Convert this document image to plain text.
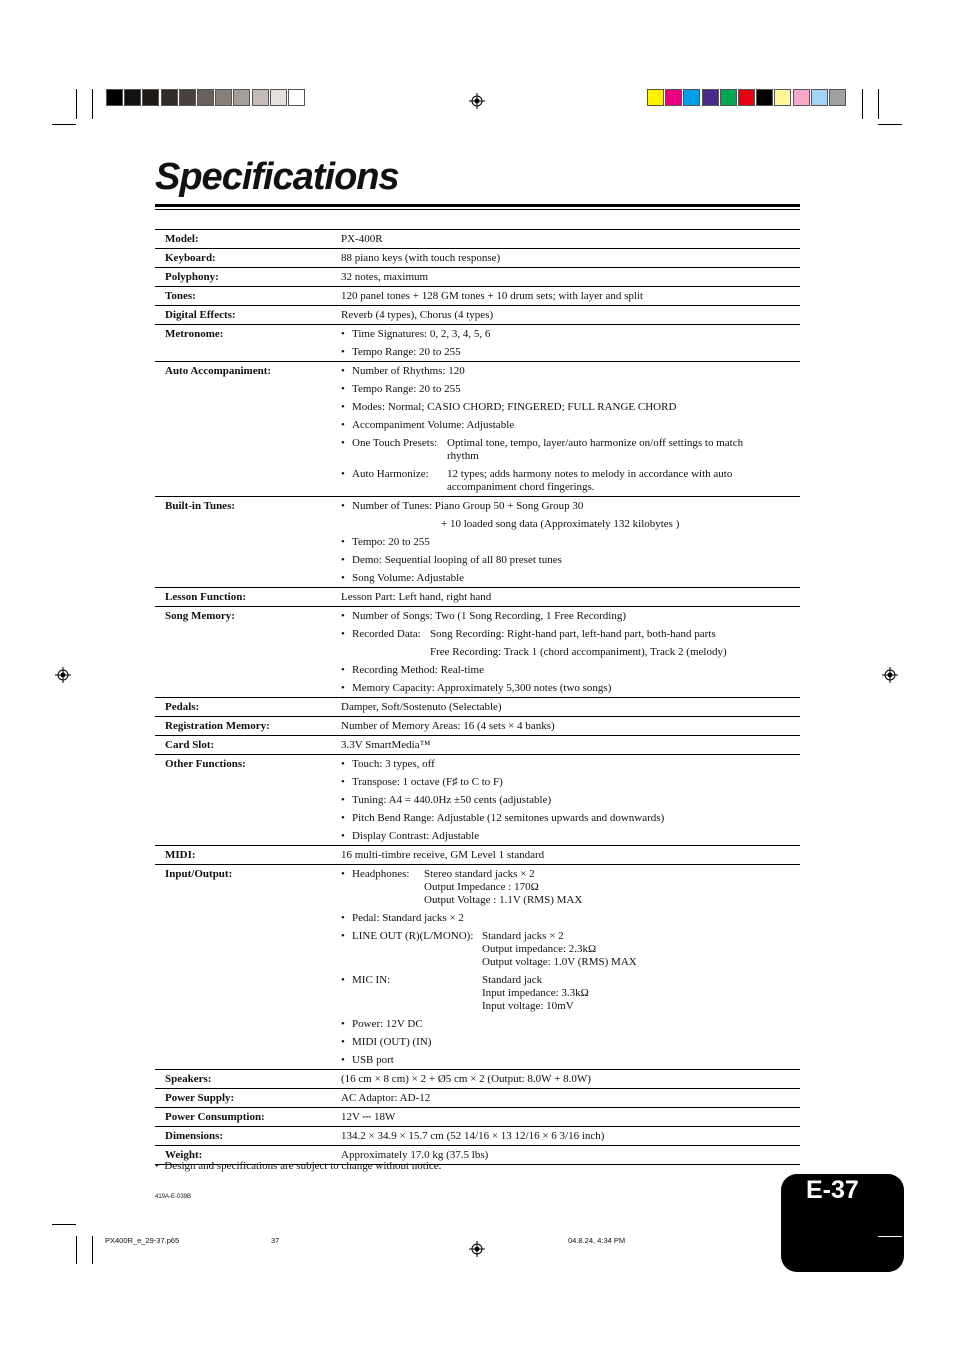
Specifications
Model:	PX-400R
Keyboard:	88 piano keys (with touch response)
Polyphony:	32 notes, maximum
Tones:	120 panel tones + 128 GM tones + 10 drum sets; with layer and split
Digital Effects:	Reverb (4 types), Chorus (4 types)
Metronome:	• Time Signatures: 0, 2, 3, 4, 5, 6
• Tempo Range: 20 to 255
Auto Accompaniment:	• Number of Rhythms: 120
• Tempo Range: 20 to 255
• Modes: Normal; CASIO CHORD; FINGERED; FULL RANGE CHORD
• Accompaniment Volume: Adjustable
• One Touch Presets: Optimal tone, tempo, layer/auto harmonize on/off settings to match
rhythm
• Auto Harmonize:	12 types; adds harmony notes to melody in accordance with auto
accompaniment chord fingerings.
Built-in Tunes:	• Number of Tunes: Piano Group 50 + Song Group 30
+ 10 loaded song data (Approximately 132 kilobytes )
• Tempo: 20 to 255
• Demo: Sequential looping of all 80 preset tunes
• Song Volume: Adjustable
Lesson Function:	Lesson Part: Left hand, right hand
Song Memory:	• Number of Songs: Two (1 Song Recording, 1 Free Recording)
• Recorded Data: Song Recording: Right-hand part, left-hand part, both-hand parts
Free Recording: Track 1 (chord accompaniment), Track 2 (melody)
• Recording Method: Real-time
• Memory Capacity: Approximately 5,300 notes (two songs)
Pedals:	Damper, Soft/Sostenuto (Selectable)
Registration Memory:	Number of Memory Areas: 16 (4 sets × 4 banks)
Card Slot:	3.3V SmartMedia™
Other Functions:	• Touch: 3 types, off
• Transpose: 1 octave (F♯ to C to F)
• Tuning: A4 = 440.0Hz ±50 cents (adjustable)
• Pitch Bend Range: Adjustable (12 semitones upwards and downwards)
• Display Contrast: Adjustable
MIDI:	16 multi-timbre receive, GM Level 1 standard
Input/Output:	• Headphones:	Stereo standard jacks × 2
Output Impedance : 170Ω
Output Voltage : 1.1V (RMS) MAX
• Pedal: Standard jacks × 2
• LINE OUT (R)(L/MONO): Standard jacks × 2
Output impedance: 2.3kΩ
Output voltage: 1.0V (RMS) MAX
• MIC IN:	Standard jack
Input impedance: 3.3kΩ
Input voltage: 10mV
• Power: 12V DC
• MIDI (OUT) (IN)
• USB port
Speakers:	(16 cm × 8 cm) × 2 + Ø5 cm × 2 (Output: 8.0W + 8.0W)
Power Supply:	AC Adaptor: AD-12
Power Consumption:	12V ⎓ 18W
Dimensions:	134.2 × 34.9 × 15.7 cm (52 14/16 × 13 12/16 × 6 3/16 inch)
Weight:	Approximately 17.0 kg (37.5 lbs)
•  Design and specifications are subject to change without notice.
419A-E-039B
PX400R_e_29-37.p65	37	04.8.24, 4:34 PM
E-37
